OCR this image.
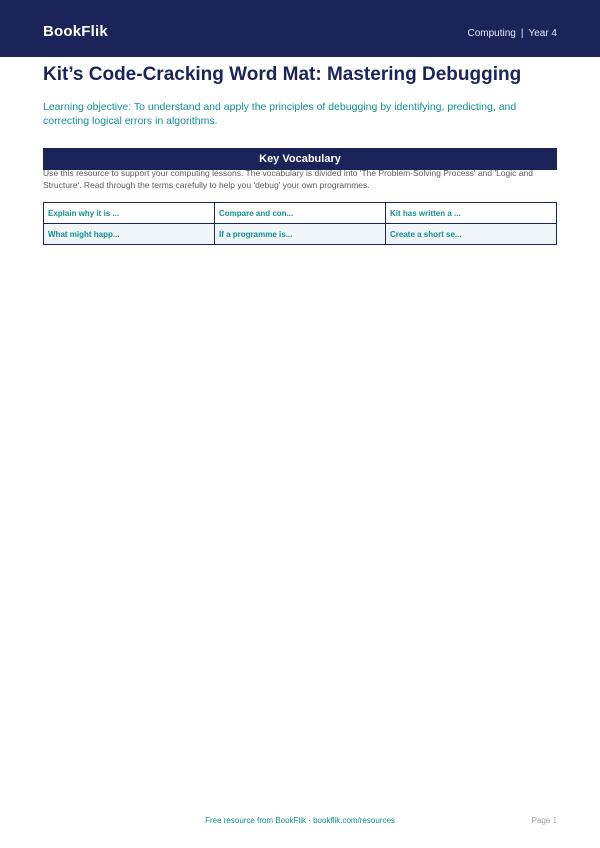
BookFlik	Computing | Year 4
Kit’s Code-Cracking Word Mat: Mastering Debugging

Learning objective: To understand and apply the principles of debugging by identifying, predicting, and correcting logical errors in algorithms.

Key Vocabulary

Use this resource to support your computing lessons. The vocabulary is divided into 'The Problem-Solving Process' and 'Logic and Structure'. Read through the terms carefully to help you 'debug' your own programmes.

Explain why it is ...	Compare and con...	Kit has written a ...
What might happ...	If a programme is...	Create a short se...
Free resource from BookFlik · bookflik.com/resources	Page 1
